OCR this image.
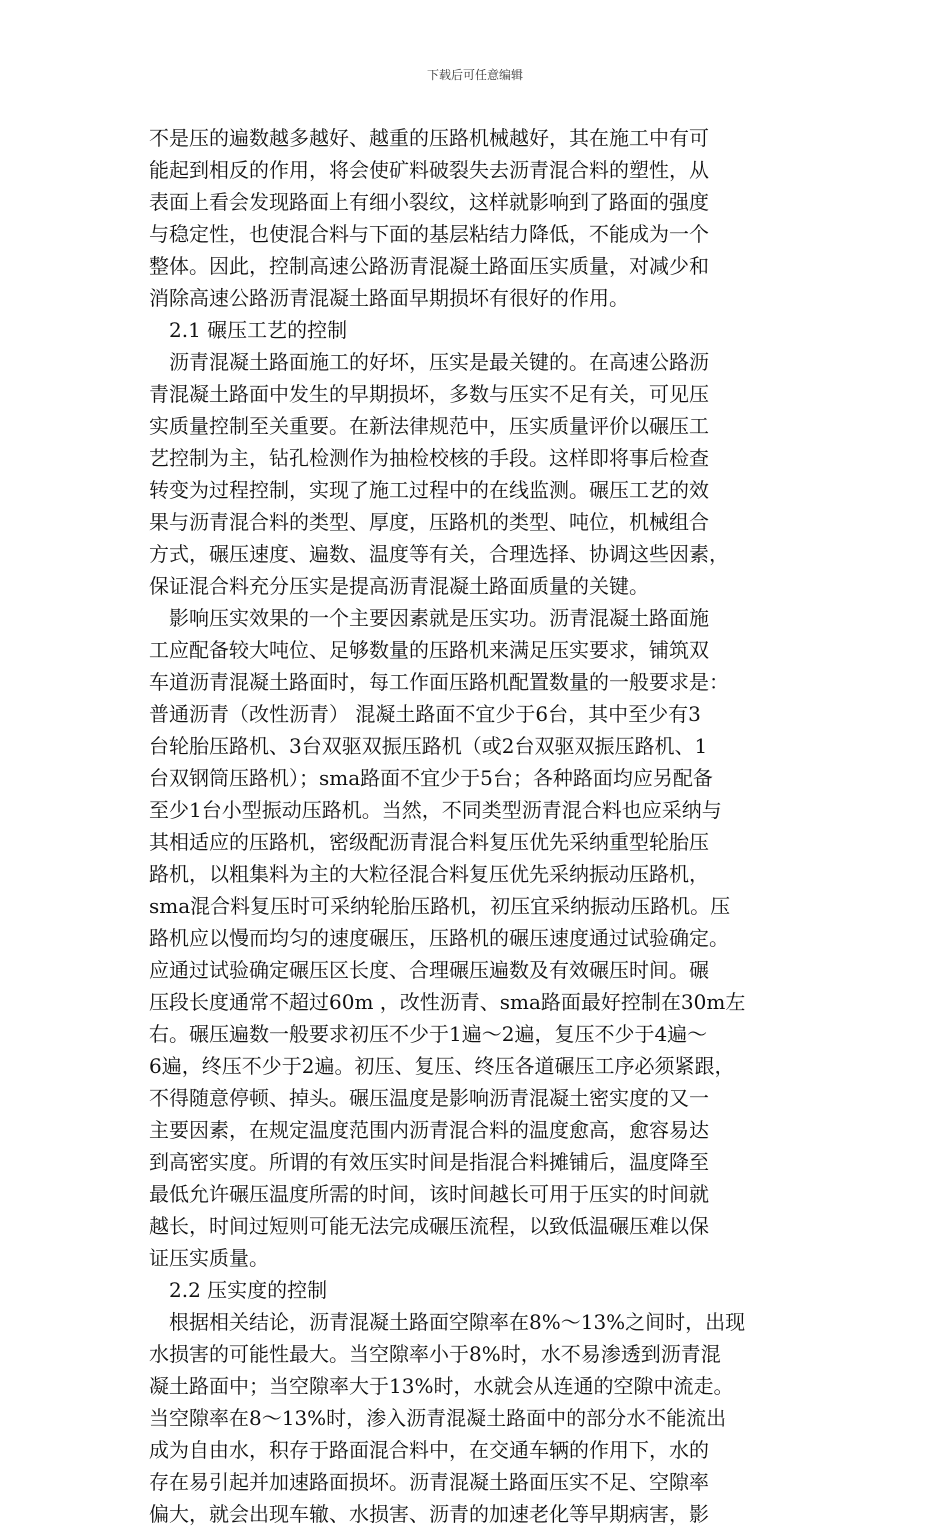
下载后可任意编辑
不是压的遍数越多越好、越重的压路机械越好，其在施工中有可
能起到相反的作用，将会使矿料破裂失去沥青混合料的塑性，从
表面上看会发现路面上有细小裂纹，这样就影响到了路面的强度
与稳定性，也使混合料与下面的基层粘结力降低，不能成为一个
整体。因此，控制高速公路沥青混凝土路面压实质量，对减少和
消除高速公路沥青混凝土路面早期损坏有很好的作用。
　2.1 碾压工艺的控制
　沥青混凝土路面施工的好坏，压实是最关键的。在高速公路沥
青混凝土路面中发生的早期损坏，多数与压实不足有关，可见压
实质量控制至关重要。在新法律规范中，压实质量评价以碾压工
艺控制为主，钻孔检测作为抽检校核的手段。这样即将事后检查
转变为过程控制，实现了施工过程中的在线监测。碾压工艺的效
果与沥青混合料的类型、厚度，压路机的类型、吨位，机械组合
方式，碾压速度、遍数、温度等有关，合理选择、协调这些因素，
保证混合料充分压实是提高沥青混凝土路面质量的关键。
　影响压实效果的一个主要因素就是压实功。沥青混凝土路面施
工应配备较大吨位、足够数量的压路机来满足压实要求，铺筑双
车道沥青混凝土路面时，每工作面压路机配置数量的一般要求是：
普通沥青（改性沥青） 混凝土路面不宜少于6台，其中至少有3
台轮胎压路机、3台双驱双振压路机（或2台双驱双振压路机、1
台双钢筒压路机）；sma路面不宜少于5台；各种路面均应另配备
至少1台小型振动压路机。当然，不同类型沥青混合料也应采纳与
其相适应的压路机，密级配沥青混合料复压优先采纳重型轮胎压
路机，以粗集料为主的大粒径混合料复压优先采纳振动压路机，
sma混合料复压时可采纳轮胎压路机，初压宜采纳振动压路机。压
路机应以慢而均匀的速度碾压，压路机的碾压速度通过试验确定。
应通过试验确定碾压区长度、合理碾压遍数及有效碾压时间。碾
压段长度通常不超过60m ，改性沥青、sma路面最好控制在30m左
右。碾压遍数一般要求初压不少于1遍～2遍，复压不少于4遍～
6遍，终压不少于2遍。初压、复压、终压各道碾压工序必须紧跟，
不得随意停顿、掉头。碾压温度是影响沥青混凝土密实度的又一
主要因素，在规定温度范围内沥青混合料的温度愈高，愈容易达
到高密实度。所谓的有效压实时间是指混合料摊铺后，温度降至
最低允许碾压温度所需的时间，该时间越长可用于压实的时间就
越长，时间过短则可能无法完成碾压流程，以致低温碾压难以保
证压实质量。
　2.2 压实度的控制
　根据相关结论，沥青混凝土路面空隙率在8%～13%之间时，出现
水损害的可能性最大。当空隙率小于8%时，水不易渗透到沥青混
凝土路面中；当空隙率大于13%时，水就会从连通的空隙中流走。
当空隙率在8～13%时，渗入沥青混凝土路面中的部分水不能流出
成为自由水，积存于路面混合料中，在交通车辆的作用下，水的
存在易引起并加速路面损坏。沥青混凝土路面压实不足、空隙率
偏大，就会出现车辙、水损害、沥青的加速老化等早期病害，影
